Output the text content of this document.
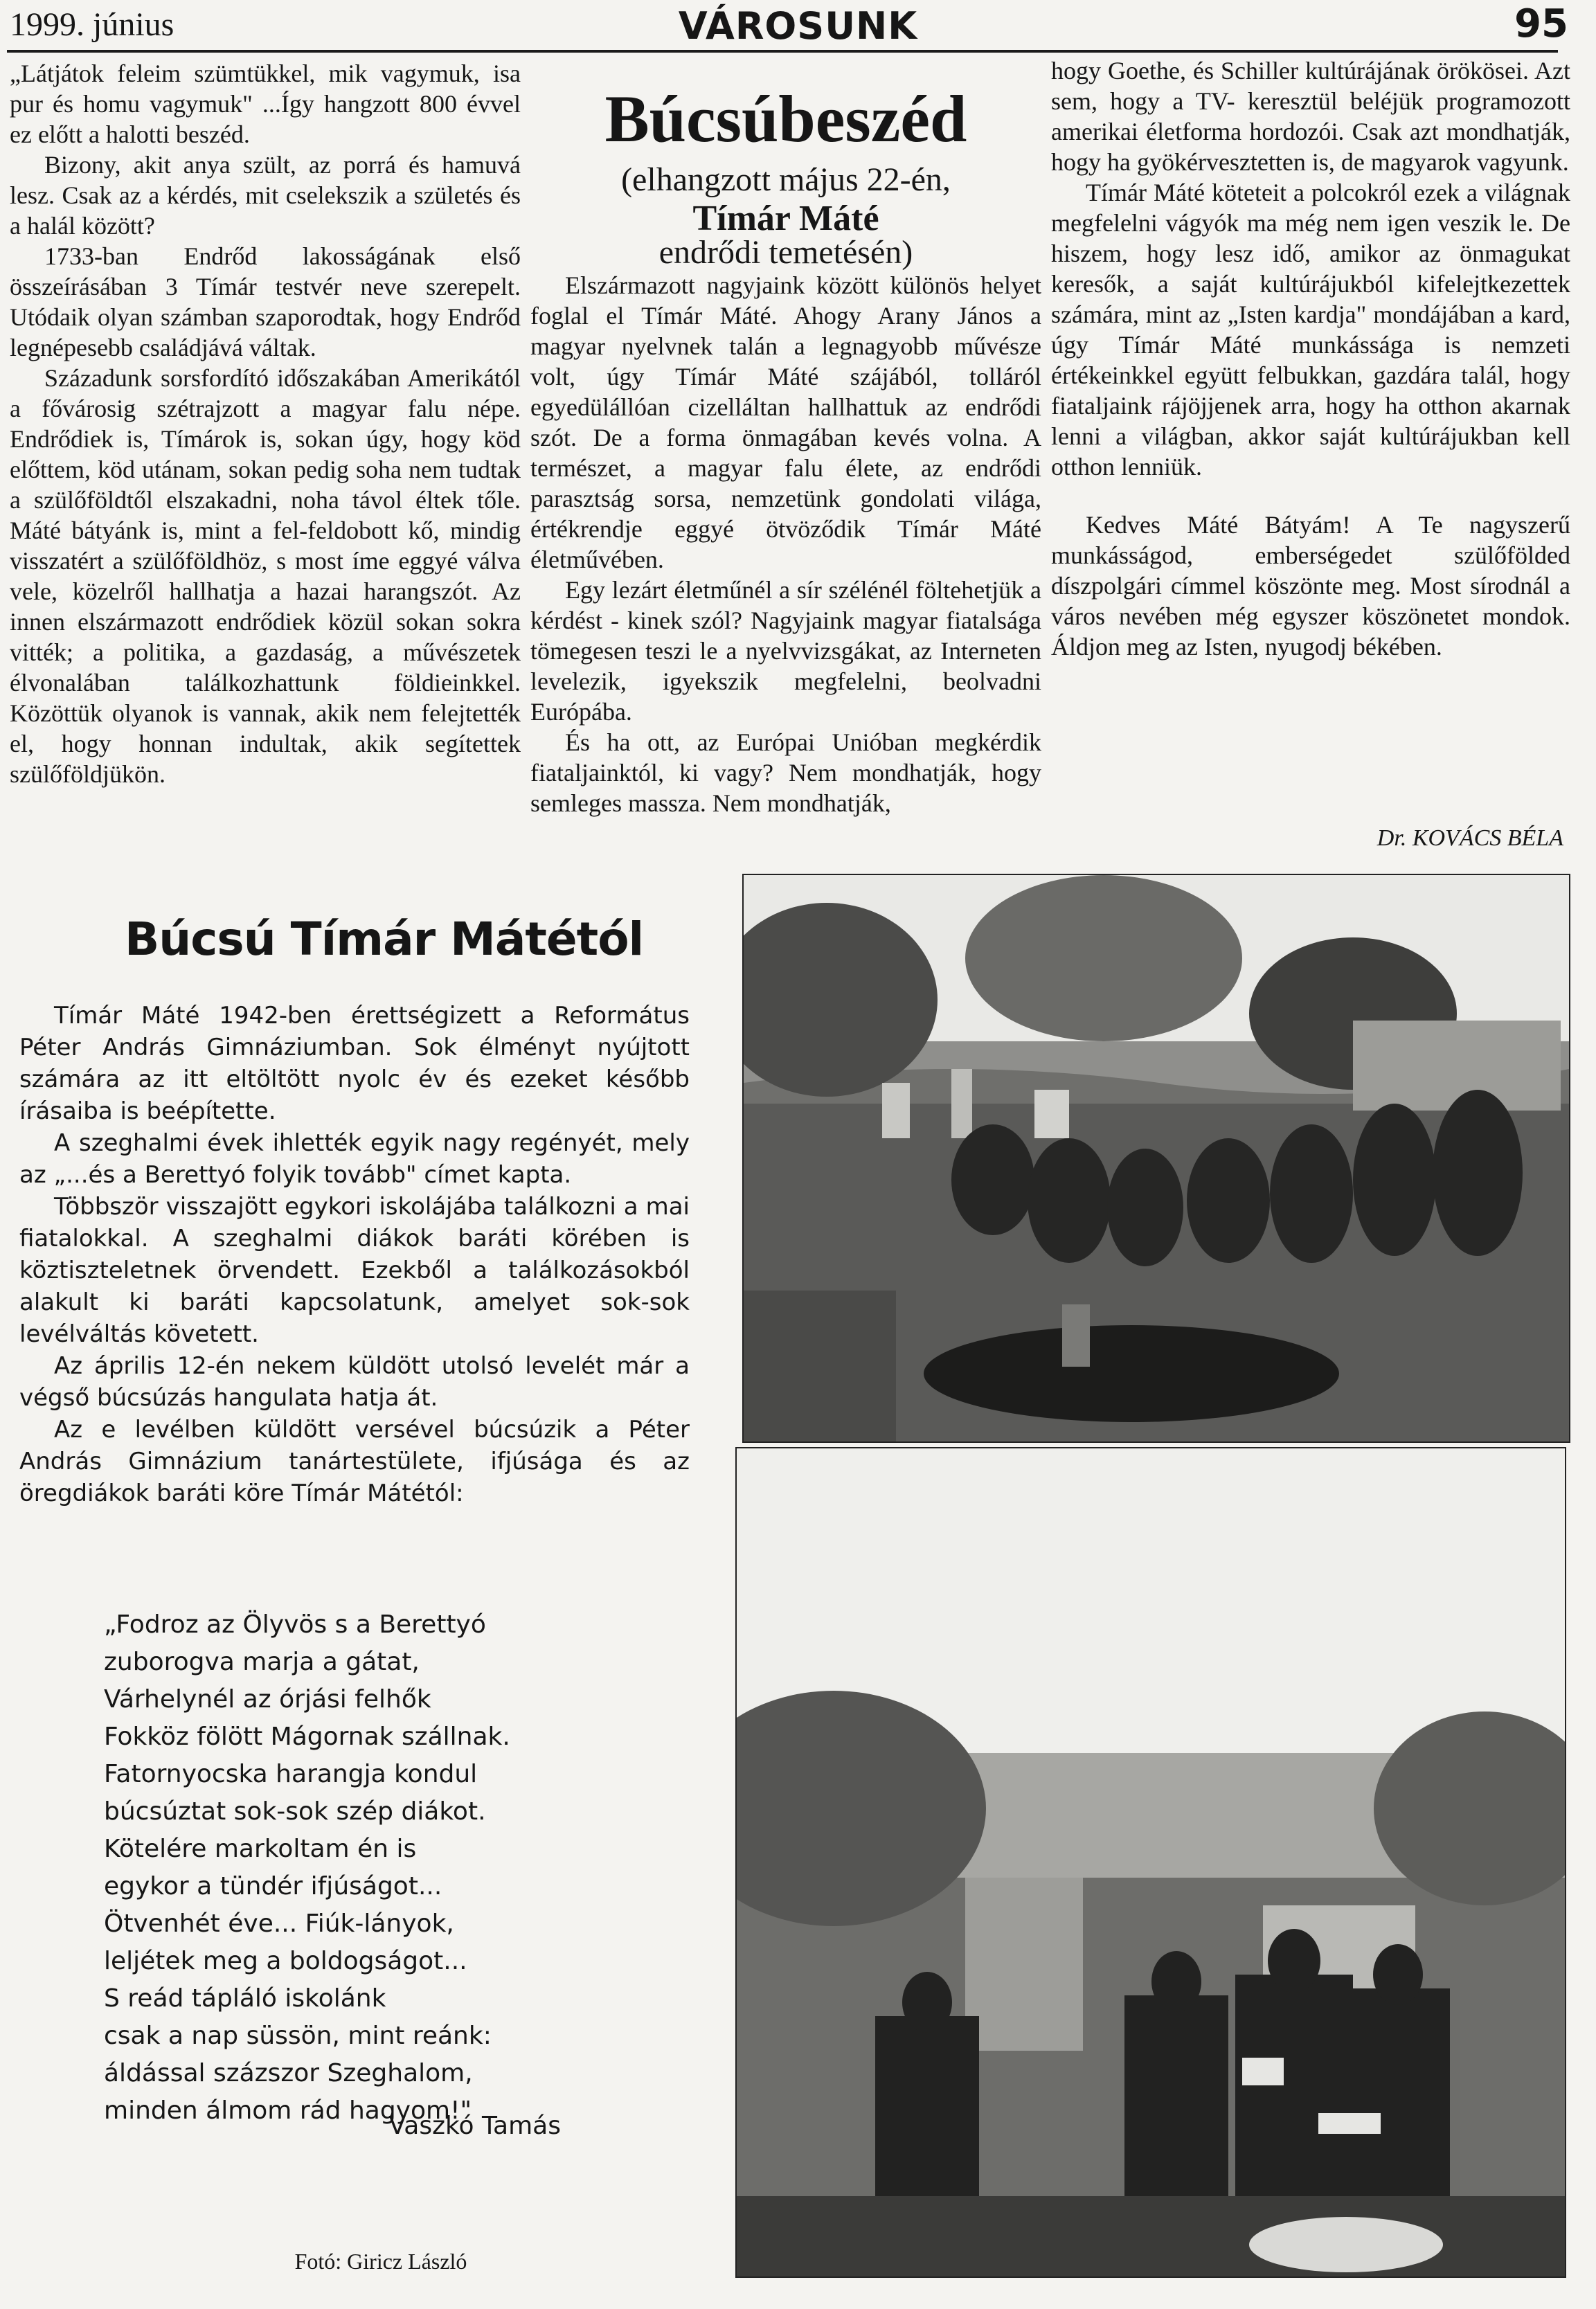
1999. június	VÁROSUNK	95

„Látjátok feleim szümtükkel, mik vagymuk, isa pur és homu vagymuk" ...Így hangzott 800 évvel ez előtt a halotti beszéd.

Bizony, akit anya szült, az porrá és hamuvá lesz. Csak az a kérdés, mit cselekszik a születés és a halál között?

1733-ban Endrőd lakosságának első összeírásában 3 Tímár testvér neve szerepelt. Utódaik olyan számban szaporodtak, hogy Endrőd legnépesebb családjává váltak.

Századunk sorsfordító időszakában Amerikától a fővárosig szétrajzott a magyar falu népe. Endrődiek is, Tímárok is, sokan úgy, hogy köd előttem, köd utánam, sokan pedig soha nem tudtak a szülőföldtől elszakadni, noha távol éltek tőle. Máté bátyánk is, mint a fel-feldobott kő, mindig visszatért a szülőföldhöz, s most íme eggyé válva vele, közelről hallhatja a hazai harangszót. Az innen elszármazott endrődiek közül sokan sokra vitték; a politika, a gazdaság, a művészetek élvonalában találkozhattunk földieinkkel. Közöttük olyanok is vannak, akik nem felejtették el, hogy honnan indultak, akik segítettek szülőföldjükön.

Búcsúbeszéd
(elhangzott május 22-én,
Tímár Máté
endrődi temetésén)

Elszármazott nagyjaink között különös helyet foglal el Tímár Máté. Ahogy Arany János a magyar nyelvnek talán a legnagyobb művésze volt, úgy Tímár Máté szájából, tolláról egyedülállóan cizelláltan hallhattuk az endrődi szót. De a forma önmagában kevés volna. A természet, a magyar falu élete, az endrődi parasztság sorsa, nemzetünk gondolati világa, értékrendje eggyé ötvöződik Tímár Máté életművében.

Egy lezárt életműnél a sír szélénél föltehetjük a kérdést - kinek szól? Nagyjaink magyar fiatalsága tömegesen teszi le a nyelvvizsgákat, az Interneten levelezik, igyekszik megfelelni, beolvadni Európába.

És ha ott, az Európai Unióban megkérdik fiataljainktól, ki vagy? Nem mondhatják, hogy semleges massza. Nem mondhatják,

hogy Goethe, és Schiller kultúrájának örökösei. Azt sem, hogy a TV- keresztül beléjük programozott amerikai életforma hordozói. Csak azt mondhatják, hogy ha gyökérvesztetten is, de magyarok vagyunk.

Tímár Máté köteteit a polcokról ezek a világnak megfelelni vágyók ma még nem igen veszik le. De hiszem, hogy lesz idő, amikor az önmagukat keresők, a saját kultúrájukból kifelejtkezettek számára, mint az „Isten kardja" mondájában a kard, úgy Tímár Máté munkássága is nemzeti értékeinkkel együtt felbukkan, gazdára talál, hogy fiataljaink rájöjjenek arra, hogy ha otthon akarnak lenni a világban, akkor saját kultúrájukban kell otthon lenniük.

Kedves Máté Bátyám! A Te nagyszerű munkásságod, emberségedet szülőfölded díszpolgári címmel köszönte meg. Most sírodnál a város nevében még egyszer köszönetet mondok. Áldjon meg az Isten, nyugodj békében.

Dr. KOVÁCS BÉLA
Búcsú Tímár Mátétól

Tímár Máté 1942-ben érettségizett a Református Péter András Gimnáziumban. Sok élményt nyújtott számára az itt eltöltött nyolc év és ezeket később írásaiba is beépítette.

A szeghalmi évek ihlették egyik nagy regényét, mely az „...és a Berettyó folyik tovább" címet kapta.

Többször visszajött egykori iskolájába találkozni a mai fiatalokkal. A szeghalmi diákok baráti körében is köztiszteletnek örvendett. Ezekből a találkozásokból alakult ki baráti kapcsolatunk, amelyet sok-sok levélváltás követett.

Az április 12-én nekem küldött utolsó levelét már a végső búcsúzás hangulata hatja át.

Az e levélben küldött versével búcsúzik a Péter András Gimnázium tanártestülete, ifjúsága és az öregdiákok baráti köre Tímár Mátétól:

„Fodroz az Ölyvös s a Berettyó
zuborogva marja a gátat,
Várhelynél az órjási felhők
Fokköz fölött Mágornak szállnak.
Fatornyocska harangja kondul
búcsúztat sok-sok szép diákot.
Kötelére markoltam én is
egykor a tündér ifjúságot...
Ötvenhét éve... Fiúk-lányok,
leljétek meg a boldogságot...
S reád tápláló iskolánk
csak a nap süssön, mint reánk:
áldással százszor Szeghalom,
minden álmom rád hagyom!"
Vaszkó Tamás
Fotó: Giricz László
